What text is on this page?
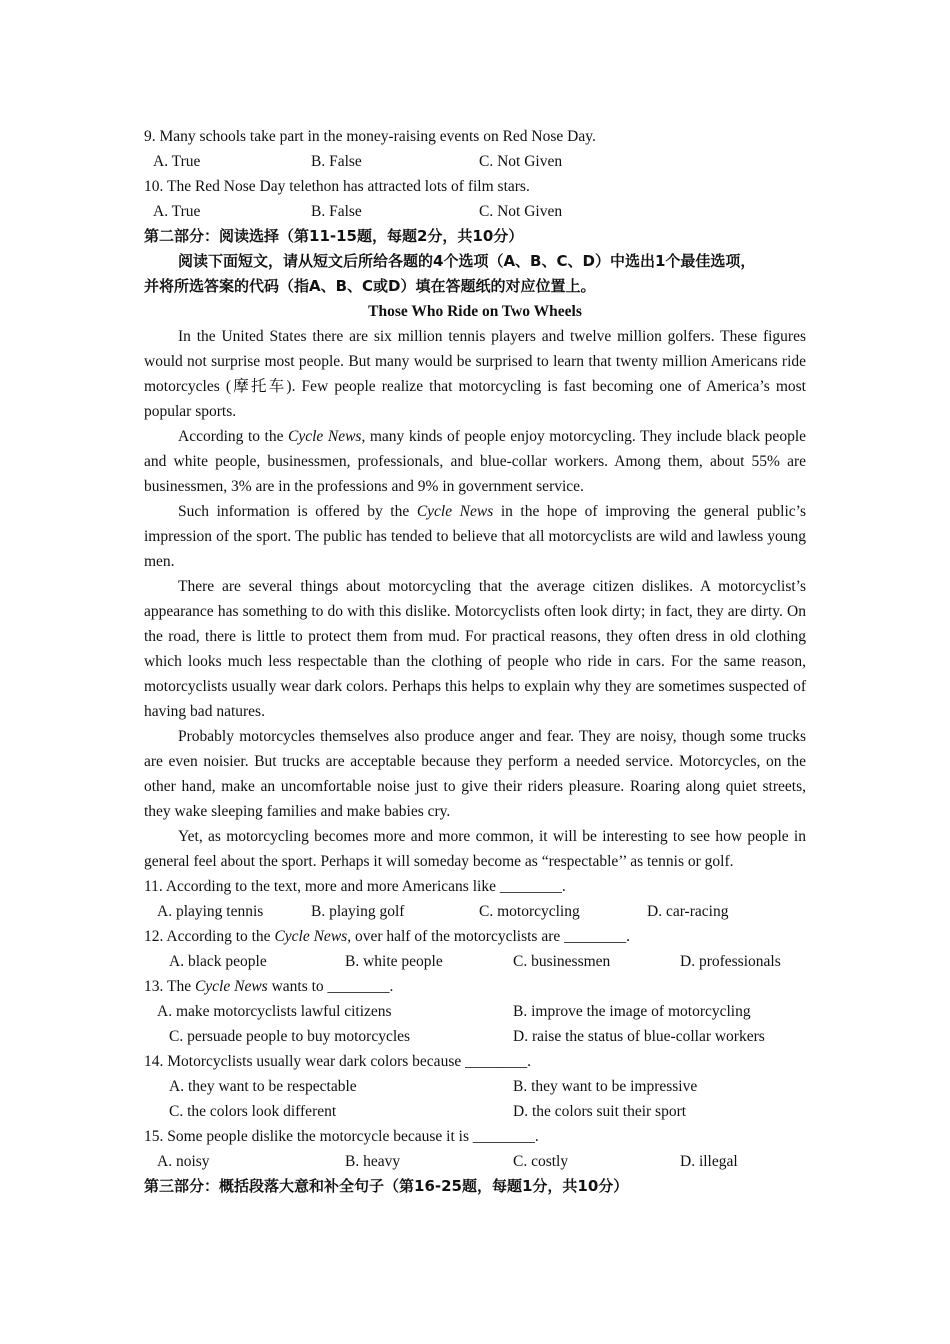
9. Many schools take part in the money-raising events on Red Nose Day.
A. True	B. False	C. Not Given
10. The Red Nose Day telethon has attracted lots of film stars.
A. True	B. False	C. Not Given
第二部分：阅读选择（第11-15题，每题2分，共10分）
阅读下面短文，请从短文后所给各题的4个选项（A、B、C、D）中选出1个最佳选项，
并将所选答案的代码（指A、B、C或D）填在答题纸的对应位置上。
Those Who Ride on Two Wheels

In the United States there are six million tennis players and twelve million golfers. These figures would not surprise most people. But many would be surprised to learn that twenty million Americans ride motorcycles (摩托车). Few people realize that motorcycling is fast becoming one of America’s most popular sports.

According to the Cycle News, many kinds of people enjoy motorcycling. They include black people and white people, businessmen, professionals, and blue-collar workers. Among them, about 55% are businessmen, 3% are in the professions and 9% in government service.

Such information is offered by the Cycle News in the hope of improving the general public’s impression of the sport. The public has tended to believe that all motorcyclists are wild and lawless young men.

There are several things about motorcycling that the average citizen dislikes. A motorcyclist’s appearance has something to do with this dislike. Motorcyclists often look dirty; in fact, they are dirty. On the road, there is little to protect them from mud. For practical reasons, they often dress in old clothing which looks much less respectable than the clothing of people who ride in cars. For the same reason, motorcyclists usually wear dark colors. Perhaps this helps to explain why they are sometimes suspected of having bad natures.

Probably motorcycles themselves also produce anger and fear. They are noisy, though some trucks are even noisier. But trucks are acceptable because they perform a needed service. Motorcycles, on the other hand, make an uncomfortable noise just to give their riders pleasure. Roaring along quiet streets, they wake sleeping families and make babies cry.

Yet, as motorcycling becomes more and more common, it will be interesting to see how people in general feel about the sport. Perhaps it will someday become as “respectable’’ as tennis or golf.

11. According to the text, more and more Americans like ________.
A. playing tennis	B. playing golf	C. motorcycling	D. car-racing
12. According to the Cycle News, over half of the motorcyclists are ________.
A. black people	B. white people	C. businessmen	D. professionals
13. The Cycle News wants to ________.
A. make motorcyclists lawful citizens	B. improve the image of motorcycling
C. persuade people to buy motorcycles	D. raise the status of blue-collar workers
14. Motorcyclists usually wear dark colors because ________.
A. they want to be respectable	B. they want to be impressive
C. the colors look different	D. the colors suit their sport
15. Some people dislike the motorcycle because it is ________.
A. noisy	B. heavy	C. costly	D. illegal
第三部分：概括段落大意和补全句子（第16-25题，每题1分，共10分）
